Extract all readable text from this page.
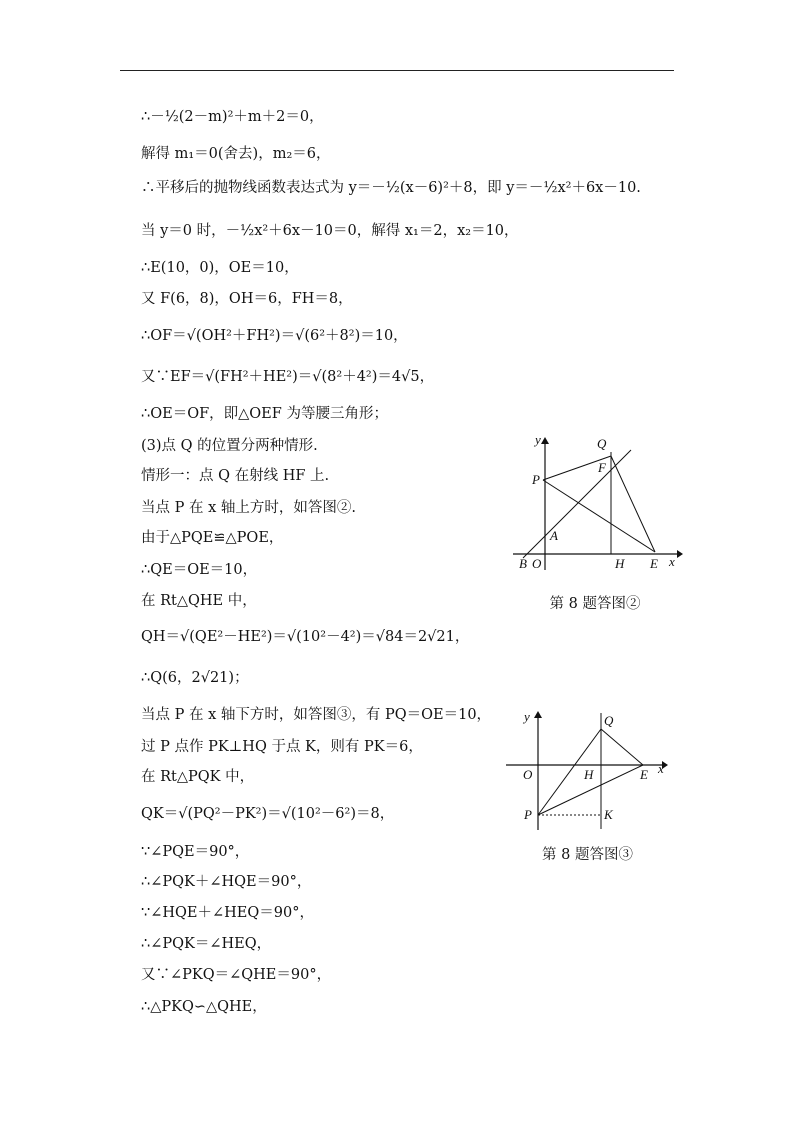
∴－½(2－m)²＋m＋2＝0，
解得 m₁＝0(舍去)，m₂＝6，
∴平移后的抛物线函数表达式为 y＝－½(x－6)²＋8，即 y＝－½x²＋6x－10.
当 y＝0 时，－½x²＋6x－10＝0，解得 x₁＝2，x₂＝10，
∴E(10，0)，OE＝10，
又 F(6，8)，OH＝6，FH＝8，
∴OF＝√(OH²＋FH²)＝√(6²＋8²)＝10，
又∵EF＝√(FH²＋HE²)＝√(8²＋4²)＝4√5，
∴OE＝OF，即△OEF 为等腰三角形；
(3)点 Q 的位置分两种情形.
情形一：点 Q 在射线 HF 上.
当点 P 在 x 轴上方时，如答图②.
由于△PQE≌△POE，
∴QE＝OE＝10，
在 Rt△QHE 中，
QH＝√(QE²－HE²)＝√(10²－4²)＝√84＝2√21，
∴Q(6，2√21)；
当点 P 在 x 轴下方时，如答图③，有 PQ＝OE＝10，
过 P 点作 PK⊥HQ 于点 K，则有 PK＝6，
在 Rt△PQK 中，
QK＝√(PQ²－PK²)＝√(10²－6²)＝8，
∵∠PQE＝90°，
∴∠PQK＋∠HQE＝90°，
∵∠HQE＋∠HEQ＝90°，
∴∠PQK＝∠HEQ，
又∵∠PKQ＝∠QHE＝90°，
∴△PKQ∽△QHE，
y
x
Q
F
P
A
B O	H E
第 8 题答图②
y
x
Q
O	H	E
P	K
第 8 题答图③
